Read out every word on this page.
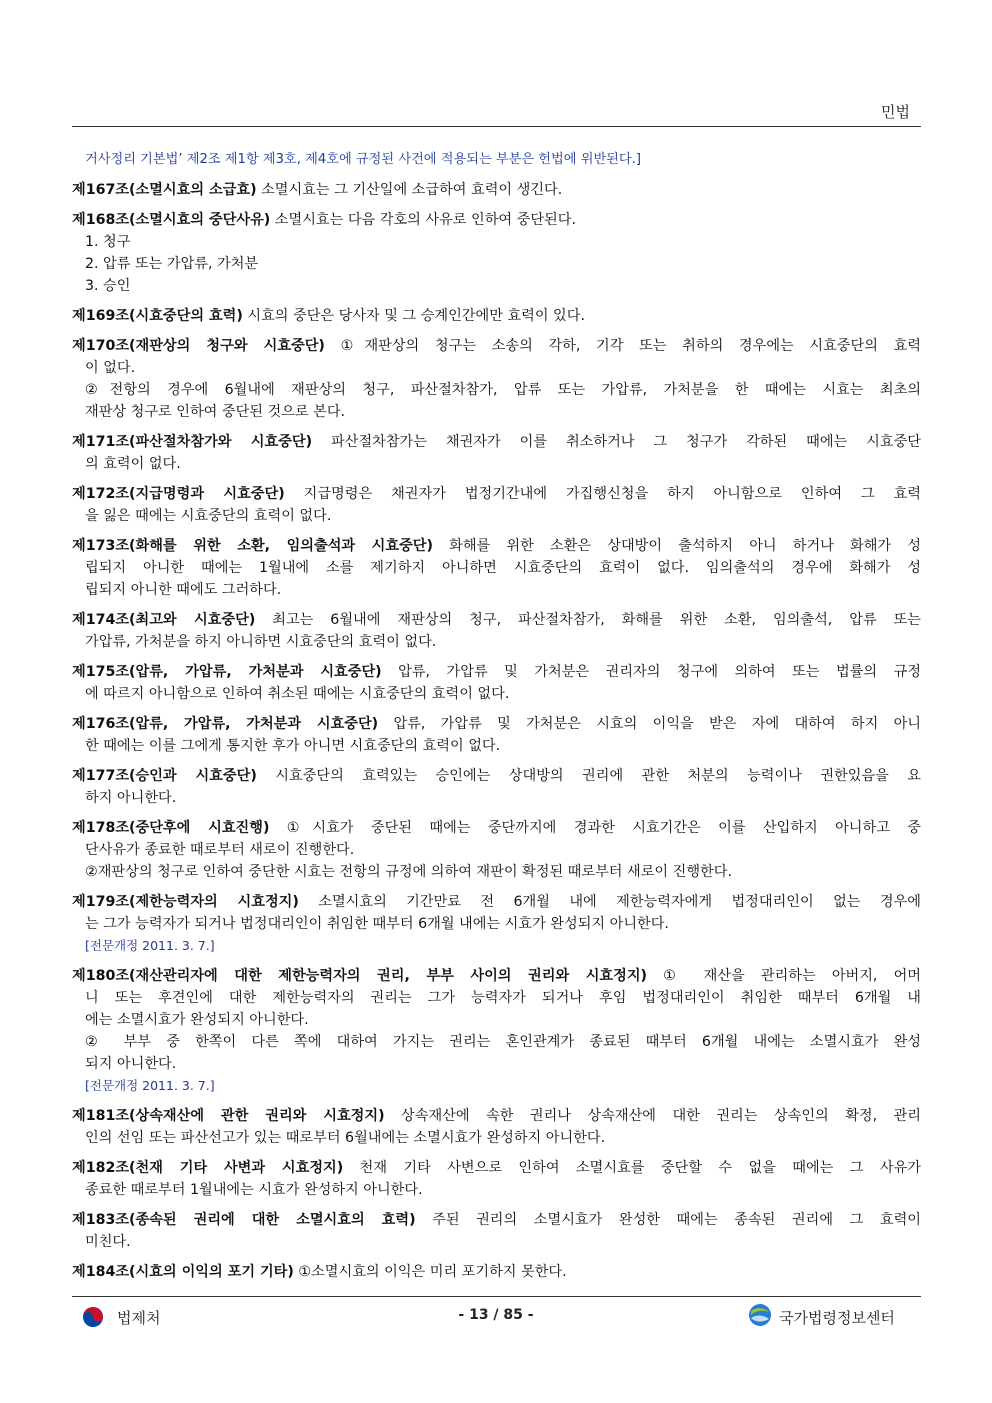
민법
거사정리 기본법’ 제2조 제1항 제3호, 제4호에 규정된 사건에 적용되는 부분은 헌법에 위반된다.]
제167조(소멸시효의 소급효) 소멸시효는 그 기산일에 소급하여 효력이 생긴다.
제168조(소멸시효의 중단사유) 소멸시효는 다음 각호의 사유로 인하여 중단된다.
1. 청구
2. 압류 또는 가압류, 가처분
3. 승인
제169조(시효중단의 효력) 시효의 중단은 당사자 및 그 승계인간에만 효력이 있다.
제170조(재판상의 청구와 시효중단) ①재판상의 청구는 소송의 각하, 기각 또는 취하의 경우에는 시효중단의 효력
이 없다.
②전항의 경우에 6월내에 재판상의 청구, 파산절차참가, 압류 또는 가압류, 가처분을 한 때에는 시효는 최초의
재판상 청구로 인하여 중단된 것으로 본다.
제171조(파산절차참가와 시효중단) 파산절차참가는 채권자가 이를 취소하거나 그 청구가 각하된 때에는 시효중단
의 효력이 없다.
제172조(지급명령과 시효중단) 지급명령은 채권자가 법정기간내에 가집행신청을 하지 아니함으로 인하여 그 효력
을 잃은 때에는 시효중단의 효력이 없다.
제173조(화해를 위한 소환, 임의출석과 시효중단) 화해를 위한 소환은 상대방이 출석하지 아니 하거나 화해가 성
립되지 아니한 때에는 1월내에 소를 제기하지 아니하면 시효중단의 효력이 없다. 임의출석의 경우에 화해가 성
립되지 아니한 때에도 그러하다.
제174조(최고와 시효중단) 최고는 6월내에 재판상의 청구, 파산절차참가, 화해를 위한 소환, 임의출석, 압류 또는
가압류, 가처분을 하지 아니하면 시효중단의 효력이 없다.
제175조(압류, 가압류, 가처분과 시효중단) 압류, 가압류 및 가처분은 권리자의 청구에 의하여 또는 법률의 규정
에 따르지 아니함으로 인하여 취소된 때에는 시효중단의 효력이 없다.
제176조(압류, 가압류, 가처분과 시효중단) 압류, 가압류 및 가처분은 시효의 이익을 받은 자에 대하여 하지 아니
한 때에는 이를 그에게 통지한 후가 아니면 시효중단의 효력이 없다.
제177조(승인과 시효중단) 시효중단의 효력있는 승인에는 상대방의 권리에 관한 처분의 능력이나 권한있음을 요
하지 아니한다.
제178조(중단후에 시효진행) ①시효가 중단된 때에는 중단까지에 경과한 시효기간은 이를 산입하지 아니하고 중
단사유가 종료한 때로부터 새로이 진행한다.
②재판상의 청구로 인하여 중단한 시효는 전항의 규정에 의하여 재판이 확정된 때로부터 새로이 진행한다.
제179조(제한능력자의 시효정지) 소멸시효의 기간만료 전 6개월 내에 제한능력자에게 법정대리인이 없는 경우에
는 그가 능력자가 되거나 법정대리인이 취임한 때부터 6개월 내에는 시효가 완성되지 아니한다.
[전문개정 2011. 3. 7.]
제180조(재산관리자에 대한 제한능력자의 권리, 부부 사이의 권리와 시효정지) ① 재산을 관리하는 아버지, 어머
니 또는 후견인에 대한 제한능력자의 권리는 그가 능력자가 되거나 후임 법정대리인이 취임한 때부터 6개월 내
에는 소멸시효가 완성되지 아니한다.
② 부부 중 한쪽이 다른 쪽에 대하여 가지는 권리는 혼인관계가 종료된 때부터 6개월 내에는 소멸시효가 완성
되지 아니한다.
[전문개정 2011. 3. 7.]
제181조(상속재산에 관한 권리와 시효정지) 상속재산에 속한 권리나 상속재산에 대한 권리는 상속인의 확정, 관리
인의 선임 또는 파산선고가 있는 때로부터 6월내에는 소멸시효가 완성하지 아니한다.
제182조(천재 기타 사변과 시효정지) 천재 기타 사변으로 인하여 소멸시효를 중단할 수 없을 때에는 그 사유가
종료한 때로부터 1월내에는 시효가 완성하지 아니한다.
제183조(종속된 권리에 대한 소멸시효의 효력) 주된 권리의 소멸시효가 완성한 때에는 종속된 권리에 그 효력이
미친다.
제184조(시효의 이익의 포기 기타) ①소멸시효의 이익은 미리 포기하지 못한다.
법제처	- 13 / 85 -	국가법령정보센터
